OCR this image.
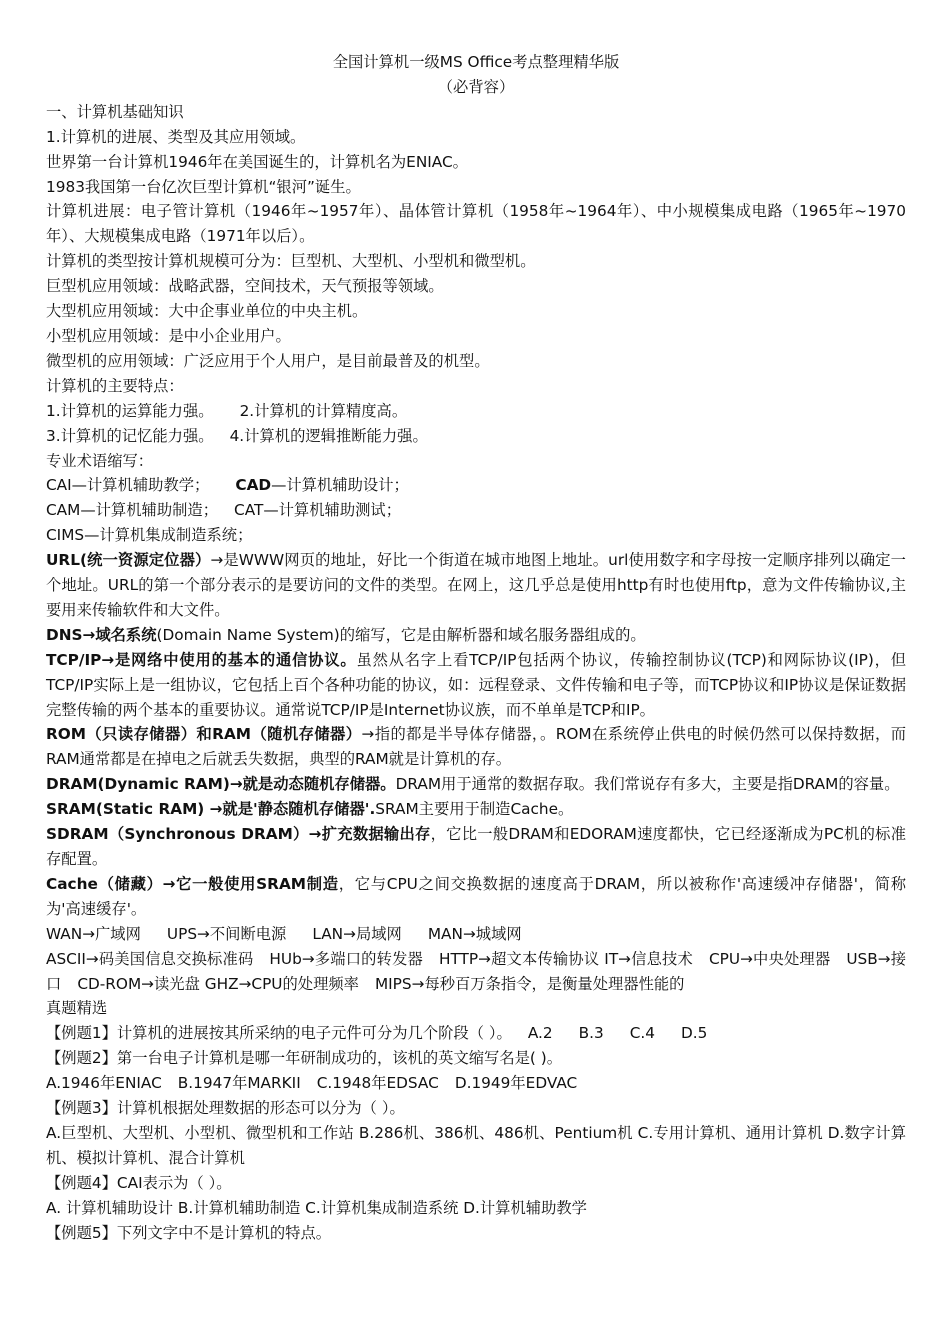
全国计算机一级MS Office考点整理精华版
（必背容）
一、计算机基础知识
1.计算机的进展、类型及其应用领域。
世界第一台计算机1946年在美国诞生的，计算机名为ENIAC。
1983我国第一台亿次巨型计算机“银河”诞生。
计算机进展：电子管计算机（1946年~1957年）、晶体管计算机（1958年~1964年）、中小规模集成电路（1965年~1970年）、大规模集成电路（1971年以后）。
计算机的类型按计算机规模可分为：巨型机、大型机、小型机和微型机。
巨型机应用领域：战略武器，空间技术，天气预报等领域。
大型机应用领域：大中企事业单位的中央主机。
小型机应用领域：是中小企业用户。
微型机的应用领域：广泛应用于个人用户，是目前最普及的机型。
计算机的主要特点：
1.计算机的运算能力强。 2.计算机的计算精度高。
3.计算机的记忆能力强。 4.计算机的逻辑推断能力强。
专业术语缩写：
CAI—计算机辅助教学； CAD—计算机辅助设计；
CAM—计算机辅助制造； CAT—计算机辅助测试；
CIMS—计算机集成制造系统；
URL(统一资源定位器）→是WWW网页的地址，好比一个街道在城市地图上地址。url使用数字和字母按一定顺序排列以确定一个地址。URL的第一个部分表示的是要访问的文件的类型。在网上，这几乎总是使用http有时也使用ftp，意为文件传输协议,主要用来传输软件和大文件。
DNS→域名系统(Domain Name System)的缩写，它是由解析器和域名服务器组成的。
TCP/IP→是网络中使用的基本的通信协议。虽然从名字上看TCP/IP包括两个协议，传输控制协议(TCP)和网际协议(IP)，但TCP/IP实际上是一组协议，它包括上百个各种功能的协议，如：远程登录、文件传输和电子等，而TCP协议和IP协议是保证数据完整传输的两个基本的重要协议。通常说TCP/IP是Internet协议族，而不单单是TCP和IP。
ROM（只读存储器）和RAM（随机存储器）→指的都是半导体存储器，。ROM在系统停止供电的时候仍然可以保持数据，而RAM通常都是在掉电之后就丢失数据，典型的RAM就是计算机的存。
DRAM(Dynamic RAM)→就是动态随机存储器。DRAM用于通常的数据存取。我们常说存有多大，主要是指DRAM的容量。
SRAM(Static RAM) →就是'静态随机存储器'.SRAM主要用于制造Cache。
SDRAM（Synchronous DRAM）→扩充数据输出存，它比一般DRAM和EDORAM速度都快，它已经逐渐成为PC机的标准存配置。
Cache（储藏）→它一般使用SRAM制造，它与CPU之间交换数据的速度高于DRAM，所以被称作'高速缓冲存储器'，简称为'高速缓存'。
WAN→广域网 UPS→不间断电源 LAN→局域网 MAN→城域网
ASCII→码美国信息交换标准码 HUb→多端口的转发器 HTTP→超文本传输协议 IT→信息技术 CPU→中央处理器 USB→接口 CD-ROM→读光盘 GHZ→CPU的处理频率 MIPS→每秒百万条指令，是衡量处理器性能的
真题精选
【例题1】计算机的进展按其所采纳的电子元件可分为几个阶段（ ）。 A.2 B.3 C.4 D.5
【例题2】第一台电子计算机是哪一年研制成功的，该机的英文缩写名是( )。
A.1946年ENIAC B.1947年MARKII C.1948年EDSAC D.1949年EDVAC
【例题3】计算机根据处理数据的形态可以分为（ ）。
A.巨型机、大型机、小型机、微型机和工作站 B.286机、386机、486机、Pentium机 C.专用计算机、通用计算机 D.数字计算机、模拟计算机、混合计算机
【例题4】CAⅠ表示为（ ）。
A. 计算机辅助设计 B.计算机辅助制造 C.计算机集成制造系统 D.计算机辅助教学
【例题5】下列文字中不是计算机的特点。
